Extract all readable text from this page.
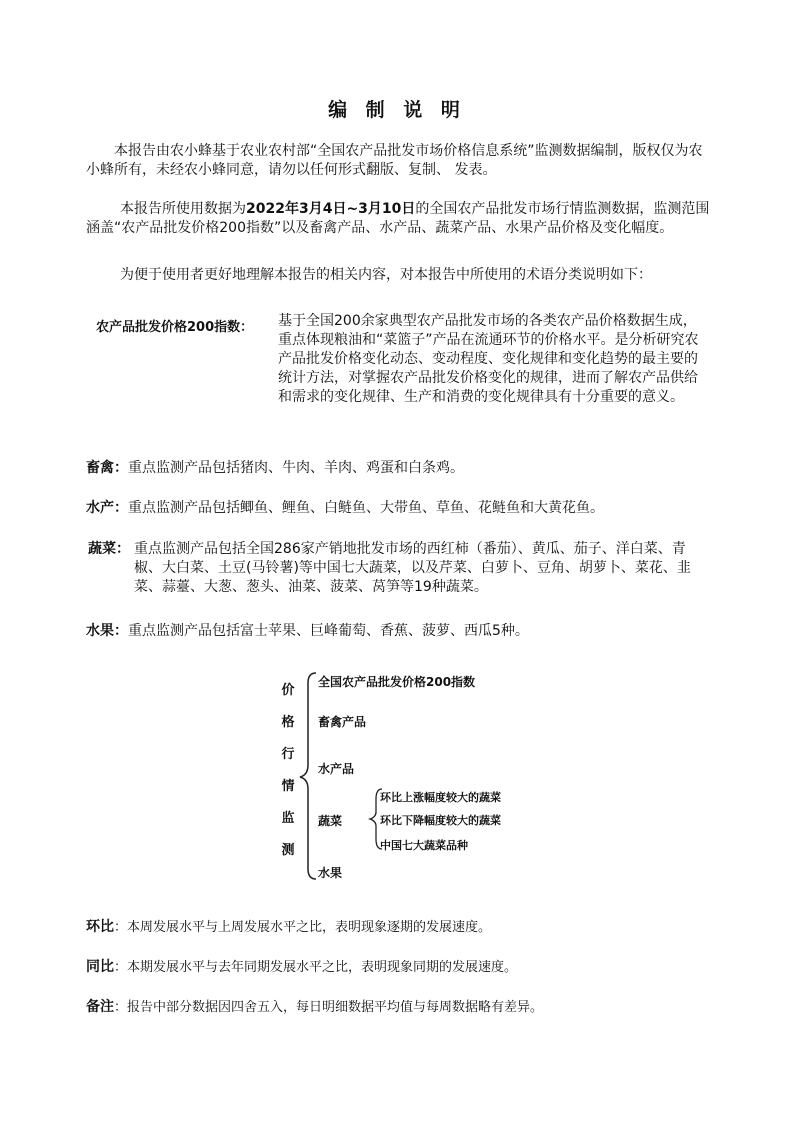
编 制 说 明
本报告由农小蜂基于农业农村部“全国农产品批发市场价格信息系统”监测数据编制，版权仅为农小蜂所有，未经农小蜂同意，请勿以任何形式翻版、复制、 发表。
本报告所使用数据为2022年3月4日~3月10日的全国农产品批发市场行情监测数据，监测范围涵盖“农产品批发价格200指数”以及畜禽产品、水产品、蔬菜产品、水果产品价格及变化幅度。
为便于使用者更好地理解本报告的相关内容，对本报告中所使用的术语分类说明如下：
农产品批发价格200指数：	基于全国200余家典型农产品批发市场的各类农产品价格数据生成，重点体现粮油和“菜篮子”产品在流通环节的价格水平。是分析研究农产品批发价格变化动态、变动程度、变化规律和变化趋势的最主要的统计方法，对掌握农产品批发价格变化的规律，进而了解农产品供给和需求的变化规律、生产和消费的变化规律具有十分重要的意义。
畜禽：重点监测产品包括猪肉、牛肉、羊肉、鸡蛋和白条鸡。
水产：重点监测产品包括鲫鱼、鲤鱼、白鲢鱼、大带鱼、草鱼、花鲢鱼和大黄花鱼。
蔬菜： 重点监测产品包括全国286家产销地批发市场的西红柿（番茄）、黄瓜、茄子、洋白菜、青椒、大白菜、土豆(马铃薯)等中国七大蔬菜，以及芹菜、白萝卜、豆角、胡萝卜、菜花、韭菜、蒜薹、大葱、葱头、油菜、菠菜、莴笋等19种蔬菜。
水果：重点监测产品包括富士苹果、巨峰葡萄、香蕉、菠萝、西瓜5种。
价
格
行
情
监
测
全国农产品批发价格200指数
畜禽产品
水产品
蔬菜
水果
环比上涨幅度较大的蔬菜
环比下降幅度较大的蔬菜
中国七大蔬菜品种
环比：本周发展水平与上周发展水平之比，表明现象逐期的发展速度。
同比：本期发展水平与去年同期发展水平之比，表明现象同期的发展速度。
备注：报告中部分数据因四舍五入，每日明细数据平均值与每周数据略有差异。
